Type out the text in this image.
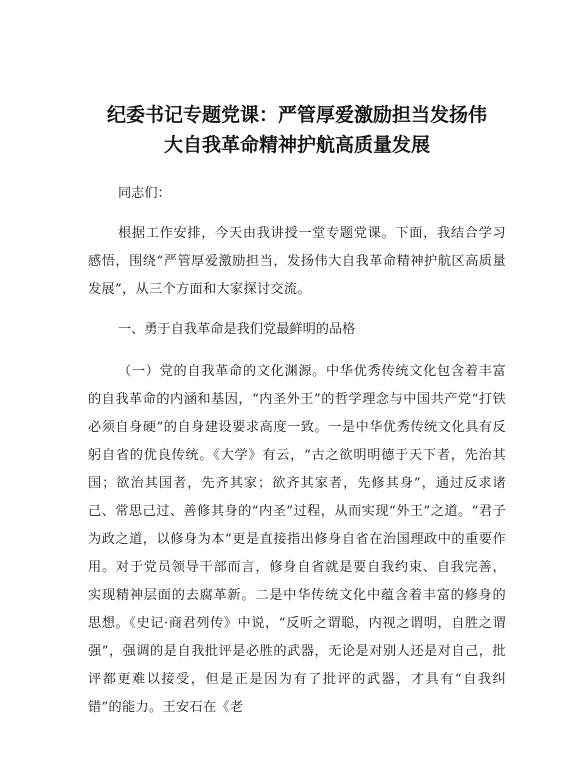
纪委书记专题党课：严管厚爱激励担当发扬伟
大自我革命精神护航高质量发展

同志们：

根据工作安排，今天由我讲授一堂专题党课。下面，我结合学习感悟，围绕“严管厚爱激励担当，发扬伟大自我革命精神护航区高质量发展”，从三个方面和大家探讨交流。

一、勇于自我革命是我们党最鲜明的品格

（一）党的自我革命的文化渊源。中华优秀传统文化包含着丰富的自我革命的内涵和基因，“内圣外王”的哲学理念与中国共产党“打铁必须自身硬”的自身建设要求高度一致。一是中华优秀传统文化具有反躬自省的优良传统。《大学》有云，“古之欲明明德于天下者，先治其国；欲治其国者，先齐其家；欲齐其家者，先修其身”，通过反求诸己、常思己过、善修其身的“内圣”过程，从而实现“外王”之道。“君子为政之道，以修身为本”更是直接指出修身自省在治国理政中的重要作用。对于党员领导干部而言，修身自省就是要自我约束、自我完善，实现精神层面的去腐革新。二是中华传统文化中蕴含着丰富的修身的思想。《史记·商君列传》中说，“反听之谓聪，内视之谓明，自胜之谓强”，强调的是自我批评是必胜的武器，无论是对别人还是对自己，批评都更难以接受，但是正是因为有了批评的武器，才具有“自我纠错”的能力。王安石在《老
